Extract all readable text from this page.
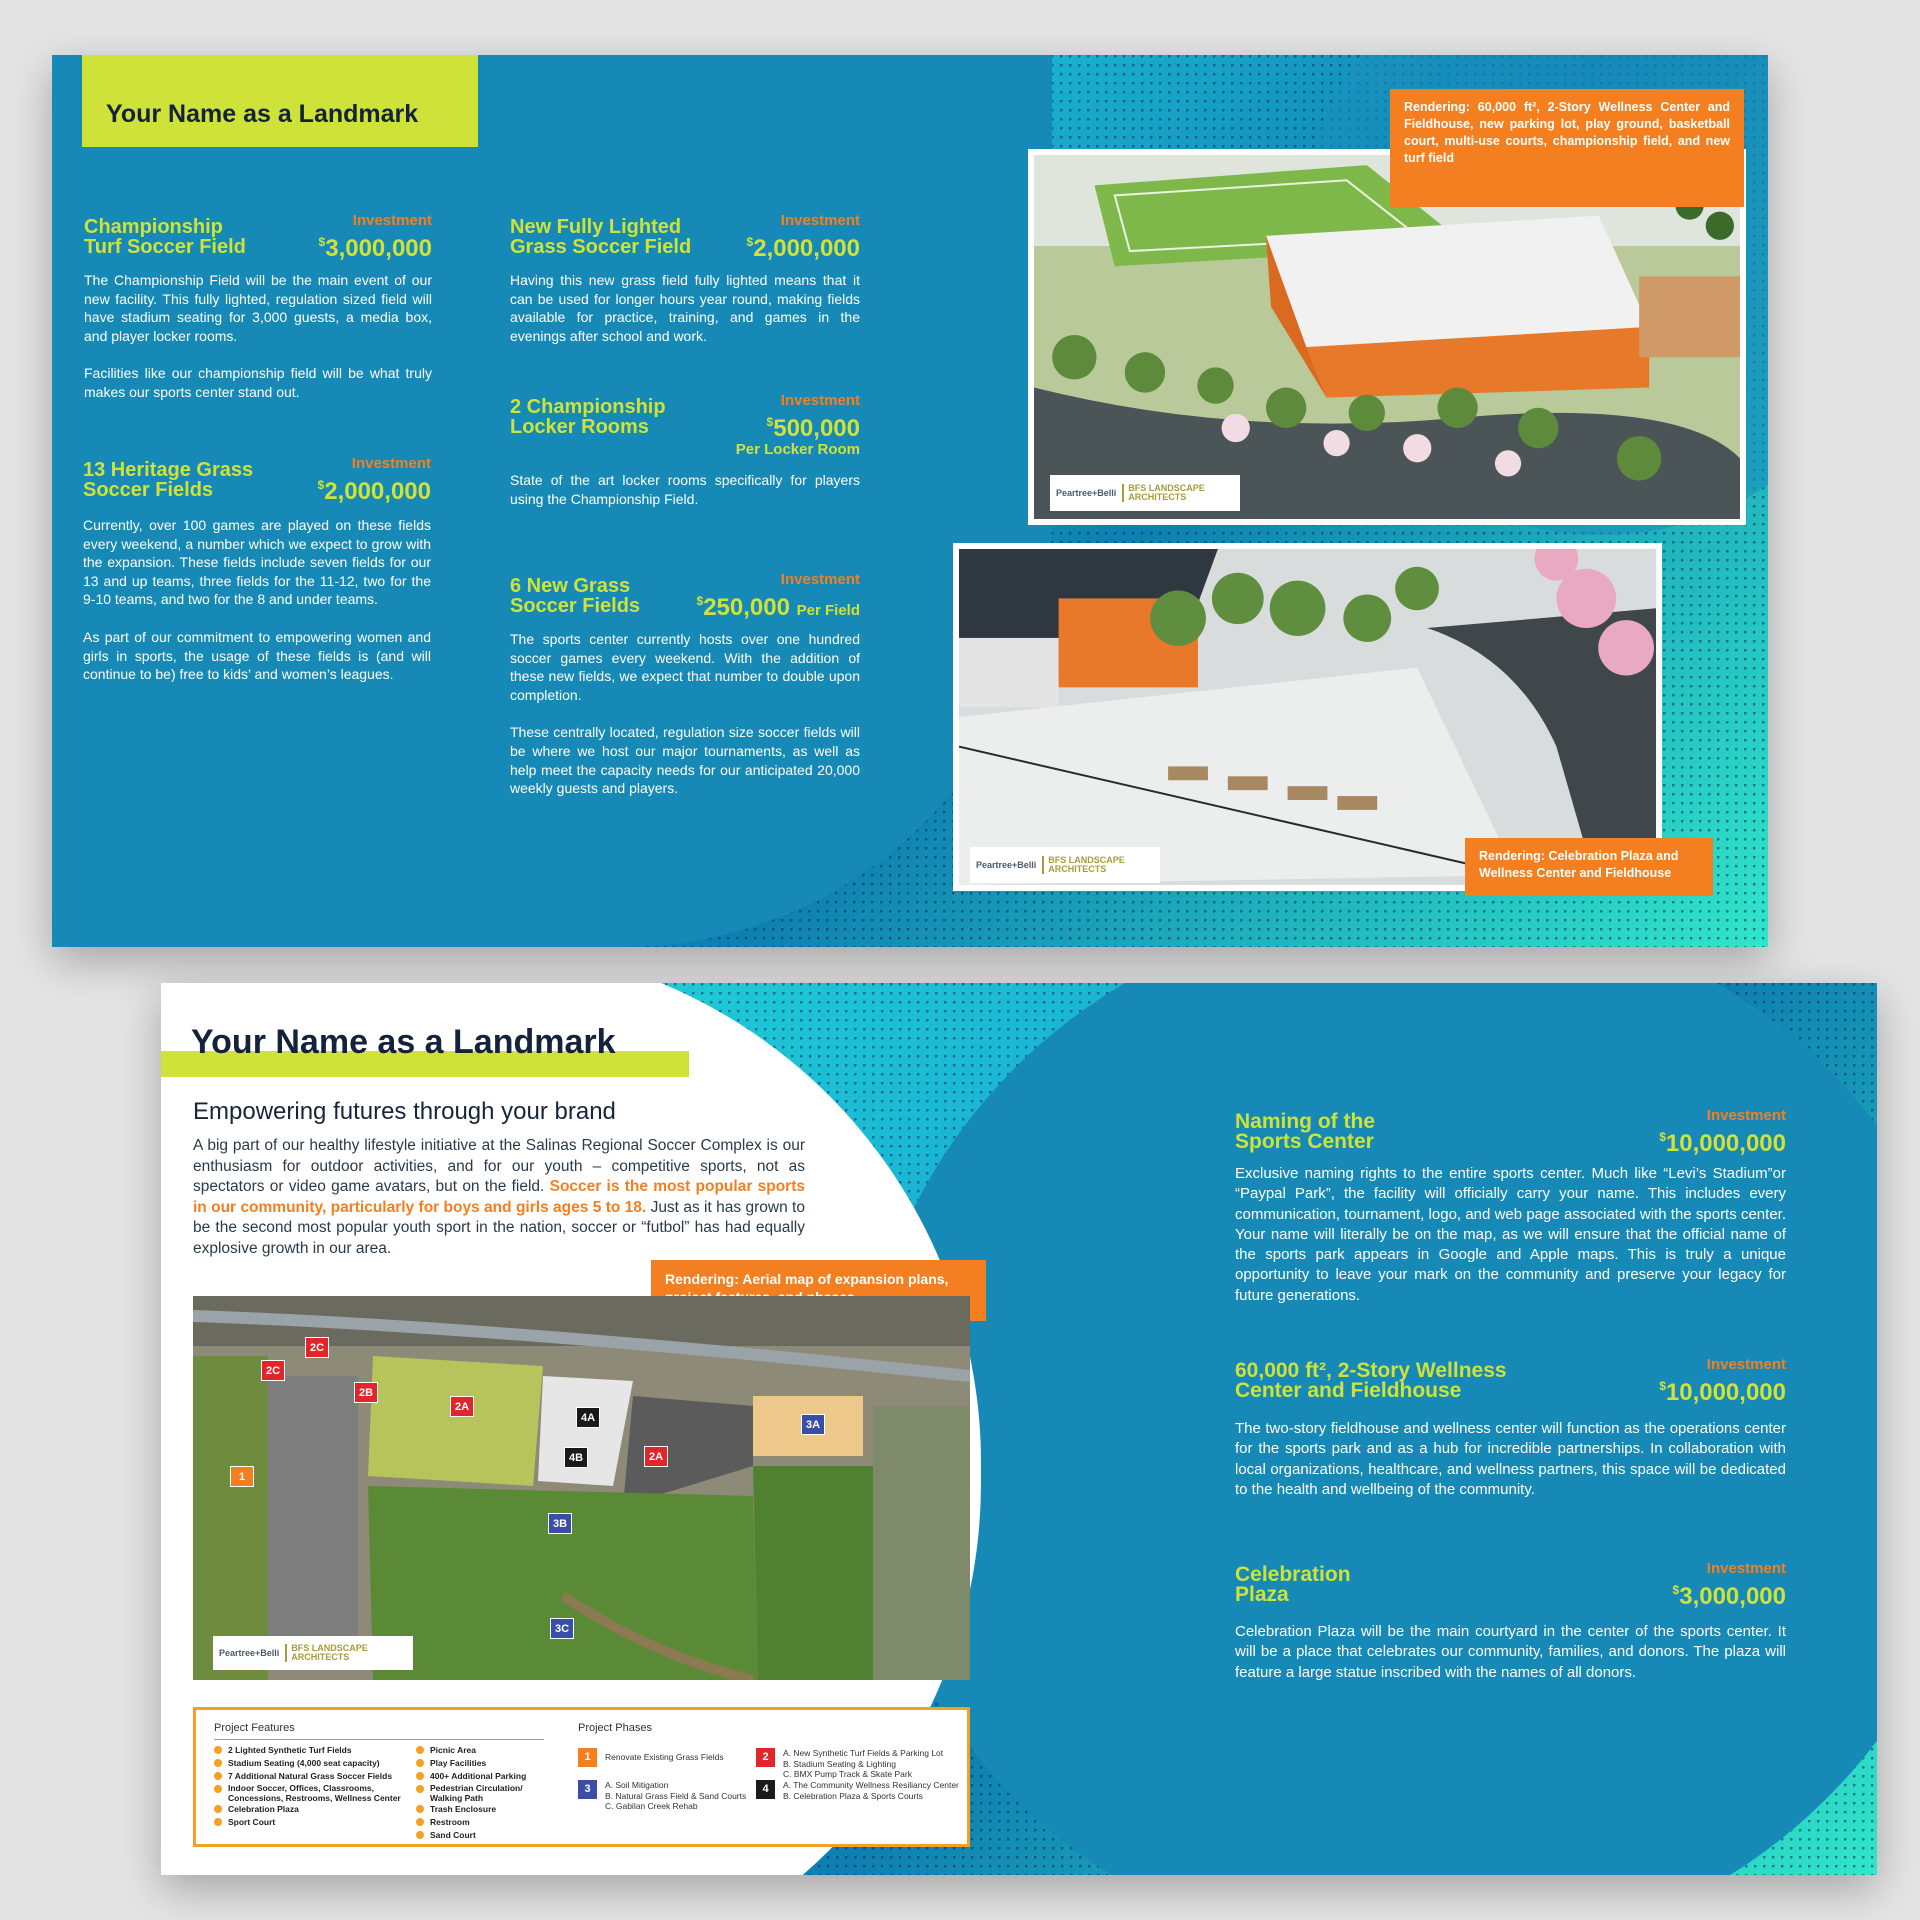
Your Name as a Landmark
Championship
Turf Soccer Field
Investment
$3,000,000

The Championship Field will be the main event of our new facility. This fully lighted, regulation sized field will have stadium seating for 3,000 guests, a media box, and player locker rooms.

Facilities like our championship field will be what truly makes our sports center stand out.

13 Heritage Grass
Soccer Fields
Investment
$2,000,000

Currently, over 100 games are played on these fields every weekend, a number which we expect to grow with the expansion. These fields include seven fields for our 13 and up teams, three fields for the 11-12, two for the 9-10 teams, and two for the 8 and under teams.

As part of our commitment to empowering women and girls in sports, the usage of these fields is (and will continue to be) free to kids’ and women’s leagues.

New Fully Lighted
Grass Soccer Field
Investment
$2,000,000

Having this new grass field fully lighted means that it can be used for longer hours year round, making fields available for practice, training, and games in the evenings after school and work.

2 Championship
Locker Rooms
Investment
$500,000
Per Locker Room

State of the art locker rooms specifically for players using the Championship Field.

6 New Grass
Soccer Fields
Investment
$250,000 Per Field

The sports center currently hosts over one hundred soccer games every weekend. With the addition of these new fields, we expect that number to double upon completion.

These centrally located, regulation size soccer fields will be where we host our major tournaments, as well as help meet the capacity needs for our anticipated 20,000 weekly guests and players.

Peartree+Belli	BFS LANDSCAPE ARCHITECTS
Rendering: 60,000 ft², 2-Story Wellness Center and Fieldhouse, new parking lot, play ground, basketball court, multi-use courts, championship field, and new turf field
Peartree+Belli	BFS LANDSCAPE ARCHITECTS
Rendering: Celebration Plaza and Wellness Center and Fieldhouse
Your Name as a Landmark
Empowering futures through your brand

A big part of our healthy lifestyle initiative at the Salinas Regional Soccer Complex is our enthusiasm for outdoor activities, and for our youth – competitive sports, not as spectators or video game avatars, but on the field. Soccer is the most popular sports in our community, particularly for boys and girls ages 5 to 18. Just as it has grown to be the second most popular youth sport in the nation, soccer or “futbol” has had equally explosive growth in our area.

Rendering: Aerial map of expansion plans,
2C
2C
2B
2A
4A
3A
1
4B	2A
3B
3C
Peartree+Belli	BFS LANDSCAPE ARCHITECTS
Project Features
2 Lighted Synthetic Turf Fields
Stadium Seating (4,000 seat capacity)
7 Additional Natural Grass Soccer Fields
Indoor Soccer, Offices, Classrooms, Concessions, Restrooms, Wellness Center
Celebration Plaza
Sport Court
Picnic Area
Play Facilities
400+ Additional Parking
Pedestrian Circulation/ Walking Path
Trash Enclosure
Restroom
Sand Court
Project Phases
1	Renovate Existing Grass Fields	2	A. New Synthetic Turf Fields & Parking Lot
B. Stadium Seating & Lighting
C. BMX Pump Track & Skate Park
3	A. Soil Mitigation
B. Natural Grass Field & Sand Courts
C. Gabilan Creek Rehab
4	A. The Community Wellness Resiliancy Center
B. Celebration Plaza & Sports Courts
Naming of the
Sports Center
Investment
$10,000,000

Exclusive naming rights to the entire sports center. Much like “Levi’s Stadium”or “Paypal Park”, the facility will officially carry your name. This includes every communication, tournament, logo, and web page associated with the sports center. Your name will literally be on the map, as we will ensure that the official name of the sports park appears in Google and Apple maps. This is truly a unique opportunity to leave your mark on the community and preserve your legacy for future generations.

60,000 ft², 2-Story Wellness
Center and Fieldhouse
Investment
$10,000,000

The two-story fieldhouse and wellness center will function as the operations center for the sports park and as a hub for incredible partnerships. In collaboration with local organizations, healthcare, and wellness partners, this space will be dedicated to the health and wellbeing of the community.

Celebration
Plaza
Investment
$3,000,000

Celebration Plaza will be the main courtyard in the center of the sports center. It will be a place that celebrates our community, families, and donors. The plaza will feature a large statue inscribed with the names of all donors.
